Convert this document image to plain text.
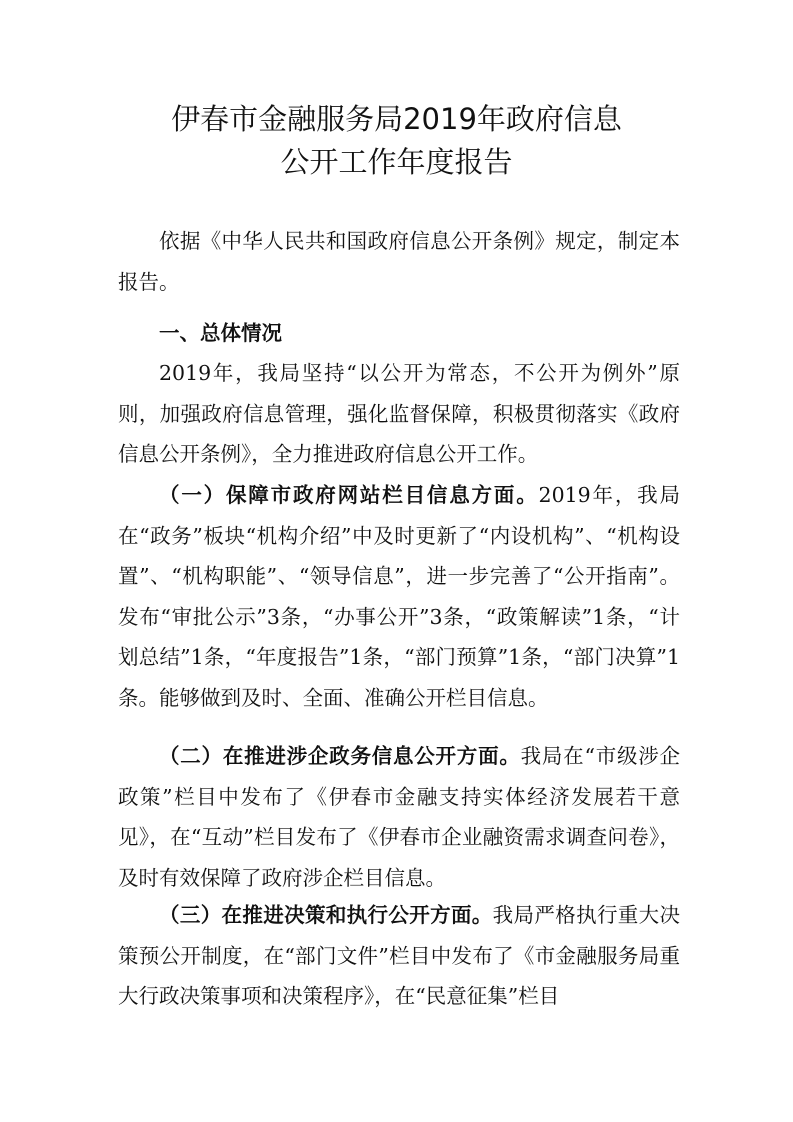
伊春市金融服务局2019年政府信息
公开工作年度报告

依据《中华人民共和国政府信息公开条例》规定，制定本报告。

一、总体情况

2019年，我局坚持“以公开为常态，不公开为例外”原则，加强政府信息管理，强化监督保障，积极贯彻落实《政府信息公开条例》，全力推进政府信息公开工作。

（一）保障市政府网站栏目信息方面。2019年，我局在“政务”板块“机构介绍”中及时更新了“内设机构”、“机构设置”、“机构职能”、“领导信息”，进一步完善了“公开指南”。发布“审批公示”3条，“办事公开”3条，“政策解读”1条，“计划总结”1条，“年度报告”1条，“部门预算”1条，“部门决算”1条。能够做到及时、全面、准确公开栏目信息。

（二）在推进涉企政务信息公开方面。我局在“市级涉企政策”栏目中发布了《伊春市金融支持实体经济发展若干意见》，在“互动”栏目发布了《伊春市企业融资需求调查问卷》，及时有效保障了政府涉企栏目信息。

（三）在推进决策和执行公开方面。我局严格执行重大决策预公开制度，在“部门文件”栏目中发布了《市金融服务局重大行政决策事项和决策程序》，在“民意征集”栏目
